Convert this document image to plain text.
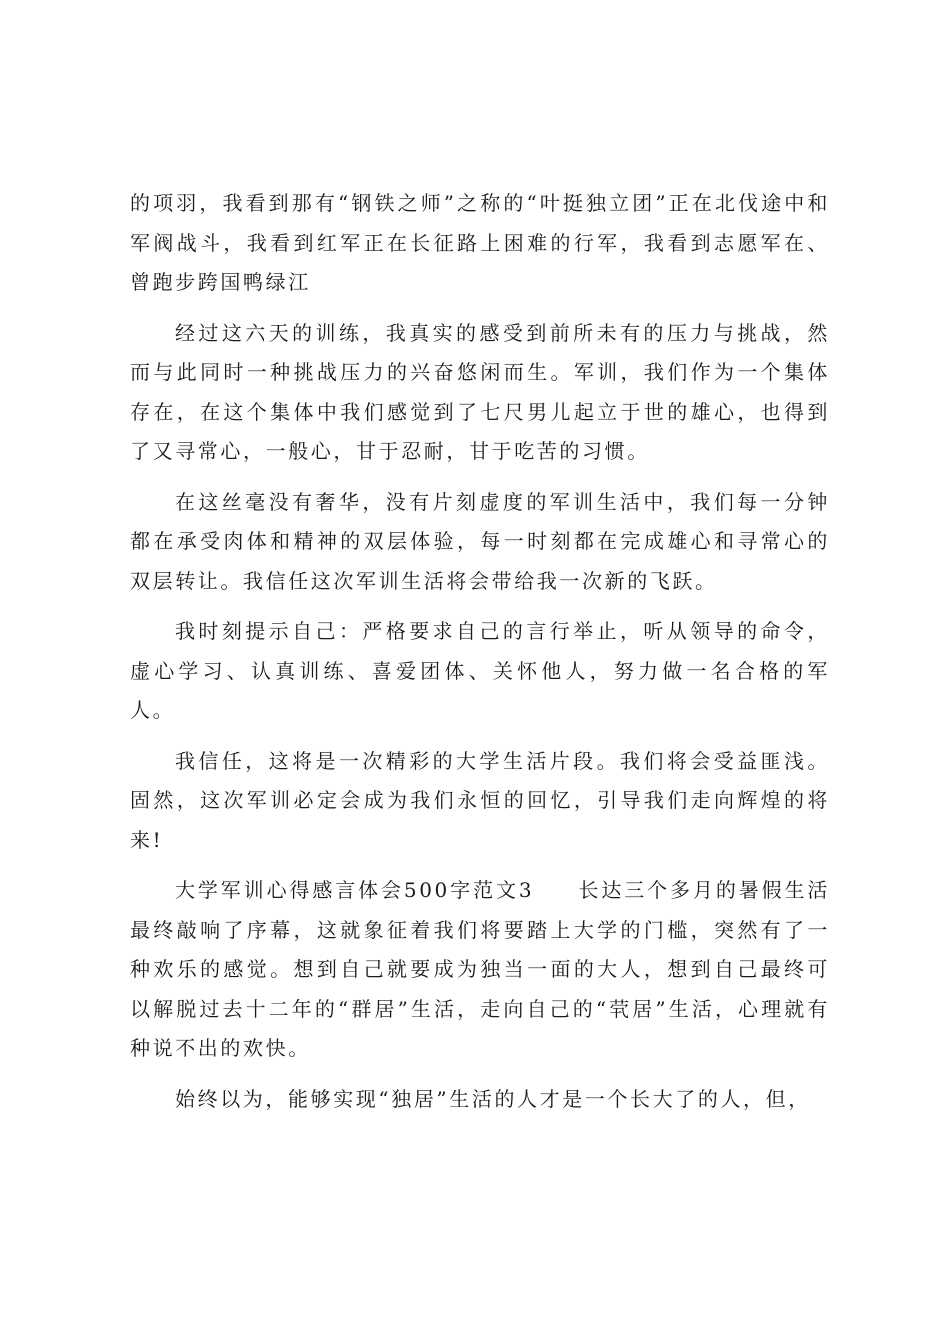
的项羽，我看到那有“钢铁之师”之称的“叶挺独立团”正在北伐途中和军阀战斗，我看到红军正在长征路上困难的行军，我看到志愿军在、曾跑步跨国鸭绿江

经过这六天的训练，我真实的感受到前所未有的压力与挑战，然而与此同时一种挑战压力的兴奋悠闲而生。军训，我们作为一个集体存在，在这个集体中我们感觉到了七尺男儿起立于世的雄心，也得到了又寻常心，一般心，甘于忍耐，甘于吃苦的习惯。

在这丝毫没有奢华，没有片刻虚度的军训生活中，我们每一分钟都在承受肉体和精神的双层体验，每一时刻都在完成雄心和寻常心的双层转让。我信任这次军训生活将会带给我一次新的飞跃。

我时刻提示自己：严格要求自己的言行举止，听从领导的命令，虚心学习、认真训练、喜爱团体、关怀他人，努力做一名合格的军人。

我信任，这将是一次精彩的大学生活片段。我们将会受益匪浅。固然，这次军训必定会成为我们永恒的回忆，引导我们走向辉煌的将来!

大学军训心得感言体会500字范文3 长达三个多月的暑假生活最终敲响了序幕，这就象征着我们将要踏上大学的门槛，突然有了一种欢乐的感觉。想到自己就要成为独当一面的大人，想到自己最终可以解脱过去十二年的“群居”生活，走向自己的“茕居”生活，心理就有种说不出的欢快。

始终以为，能够实现“独居”生活的人才是一个长大了的人，但，
